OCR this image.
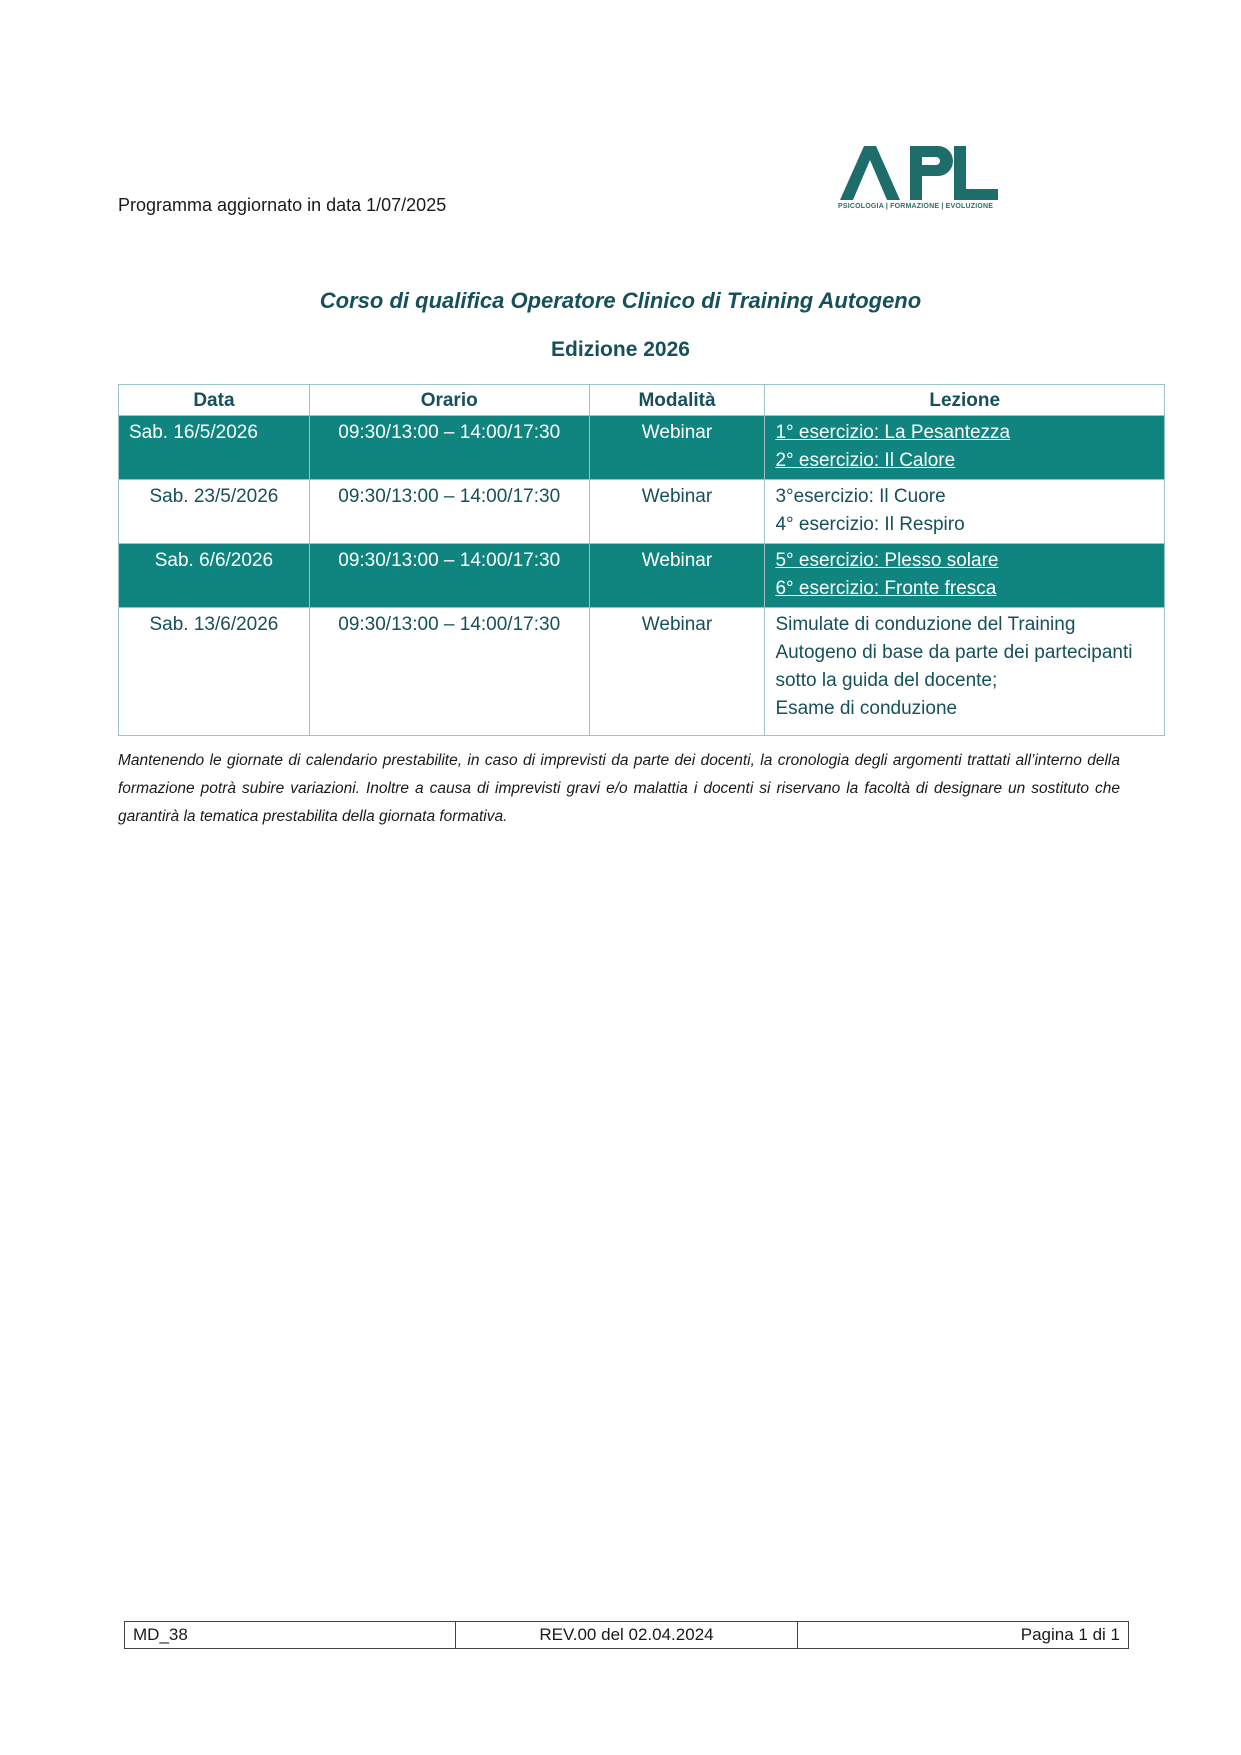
Programma aggiornato in data 1/07/2025	PSICOLOGIA | FORMAZIONE | EVOLUZIONE
Corso di qualifica Operatore Clinico di Training Autogeno
Edizione 2026
Data	Orario	Modalità	Lezione
Sab. 16/5/2026	09:30/13:00 – 14:00/17:30	Webinar	1° esercizio: La Pesantezza
2° esercizio: Il Calore
Sab. 23/5/2026	09:30/13:00 – 14:00/17:30	Webinar	3°esercizio: Il Cuore
4° esercizio: Il Respiro
Sab. 6/6/2026	09:30/13:00 – 14:00/17:30	Webinar	5° esercizio: Plesso solare
6° esercizio: Fronte fresca
Sab. 13/6/2026	09:30/13:00 – 14:00/17:30	Webinar	Simulate di conduzione del Training Autogeno di base da parte dei partecipanti sotto la guida del docente;
Esame di conduzione
Mantenendo le giornate di calendario prestabilite, in caso di imprevisti da parte dei docenti, la cronologia degli argomenti trattati all’interno della formazione potrà subire variazioni. Inoltre a causa di imprevisti gravi e/o malattia i docenti si riservano la facoltà di designare un sostituto che garantirà la tematica prestabilita della giornata formativa.
MD_38	REV.00 del 02.04.2024	Pagina 1 di 1
